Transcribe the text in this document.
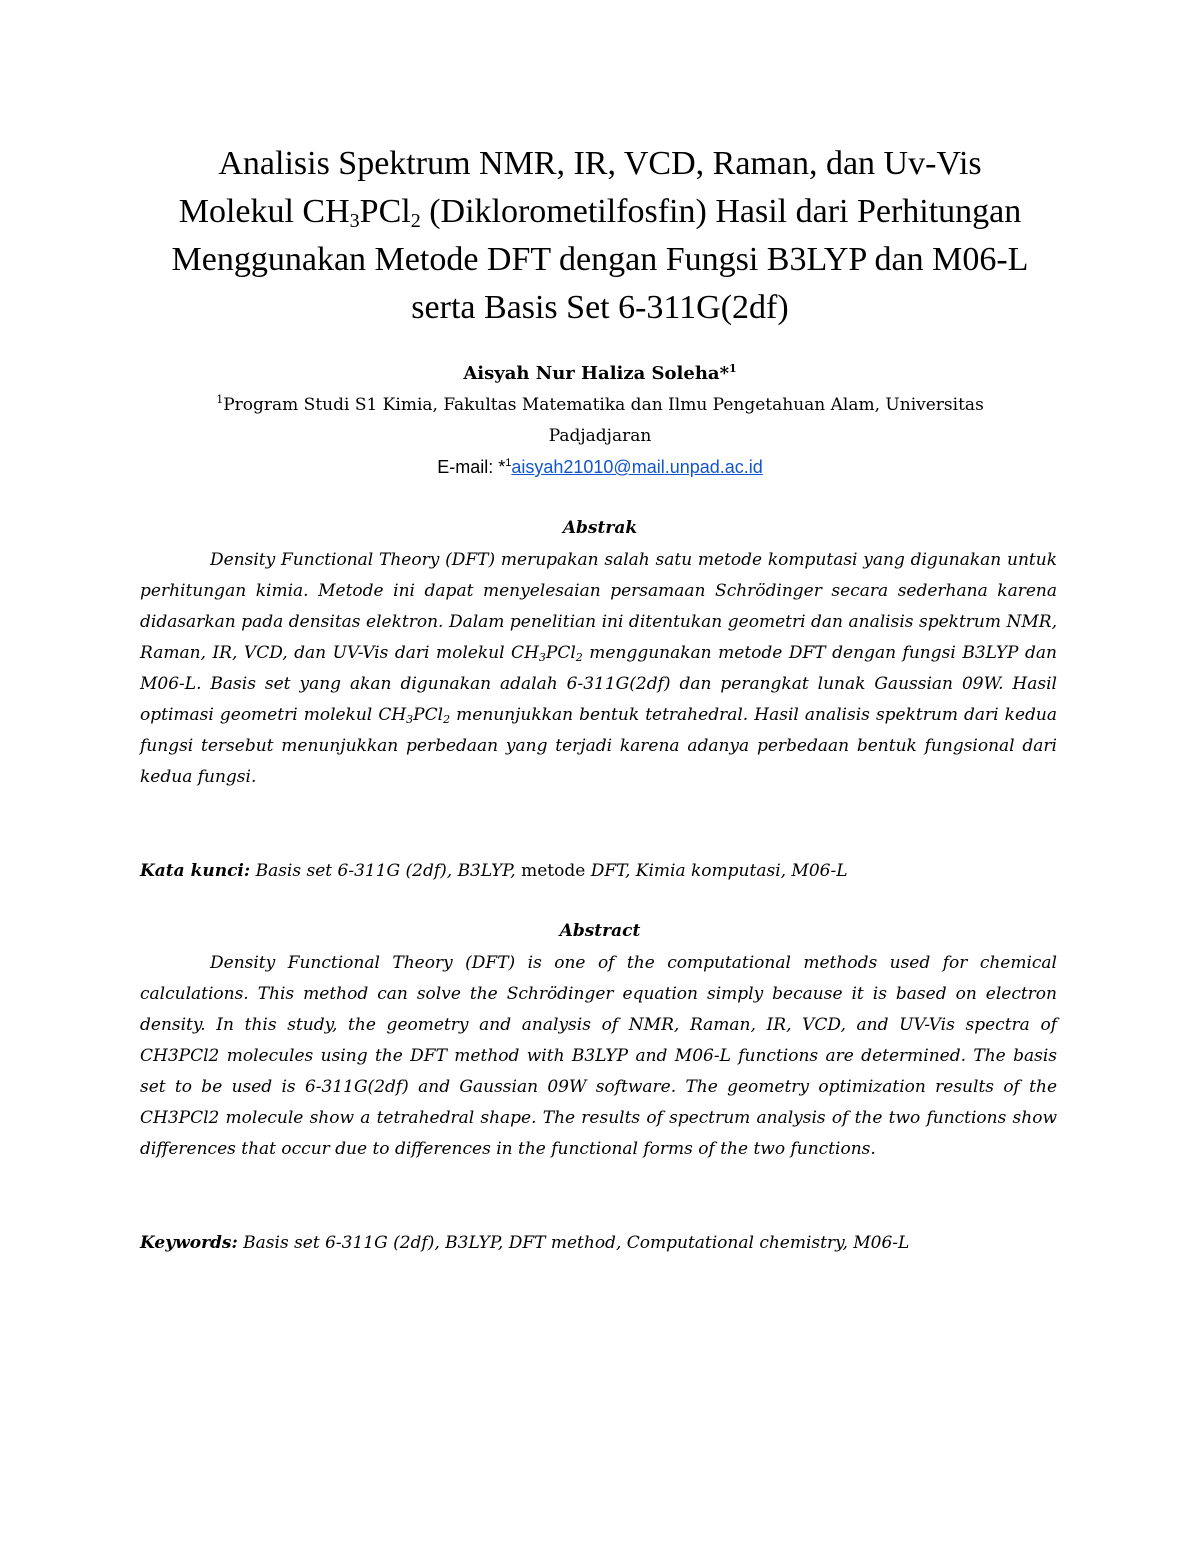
Analisis Spektrum NMR, IR, VCD, Raman, dan Uv-Vis
Molekul $CH_3PCl_2$ (Diklorometilfosfin) Hasil dari Perhitungan
Menggunakan Metode DFT dengan Fungsi B3LYP dan M06-L
serta Basis Set 6-311G(2df)
Aisyah Nur Haliza Soleha*$^1$
$^1$Program Studi S1 Kimia, Fakultas Matematika dan Ilmu Pengetahuan Alam, Universitas Padjadjaran
E-mail: *$^1$aisyah21010@mail.unpad.ac.id
Abstrak
Density Functional Theory (DFT) merupakan salah satu metode komputasi yang digunakan untuk perhitungan kimia. Metode ini dapat menyelesaian persamaan Schrödinger secara sederhana karena didasarkan pada densitas elektron. Dalam penelitian ini ditentukan geometri dan analisis spektrum NMR, Raman, IR, VCD, dan UV-Vis dari molekul $CH_3PCl_2$ menggunakan metode DFT dengan fungsi B3LYP dan M06-L. Basis set yang akan digunakan adalah 6-311G(2df) dan perangkat lunak Gaussian 09W. Hasil optimasi geometri molekul $CH_3PCl_2$ menunjukkan bentuk tetrahedral. Hasil analisis spektrum dari kedua fungsi tersebut menunjukkan perbedaan yang terjadi karena adanya perbedaan bentuk fungsional dari kedua fungsi.
Kata kunci: Basis set 6-311G (2df), B3LYP, metode DFT, Kimia komputasi, M06-L
Abstract
Density Functional Theory (DFT) is one of the computational methods used for chemical calculations. This method can solve the Schrödinger equation simply because it is based on electron density. In this study, the geometry and analysis of NMR, Raman, IR, VCD, and UV-Vis spectra of CH3PCl2 molecules using the DFT method with B3LYP and M06-L functions are determined. The basis set to be used is 6-311G(2df) and Gaussian 09W software. The geometry optimization results of the CH3PCl2 molecule show a tetrahedral shape. The results of spectrum analysis of the two functions show differences that occur due to differences in the functional forms of the two functions.
Keywords: Basis set 6-311G (2df), B3LYP, DFT method, Computational chemistry, M06-L
